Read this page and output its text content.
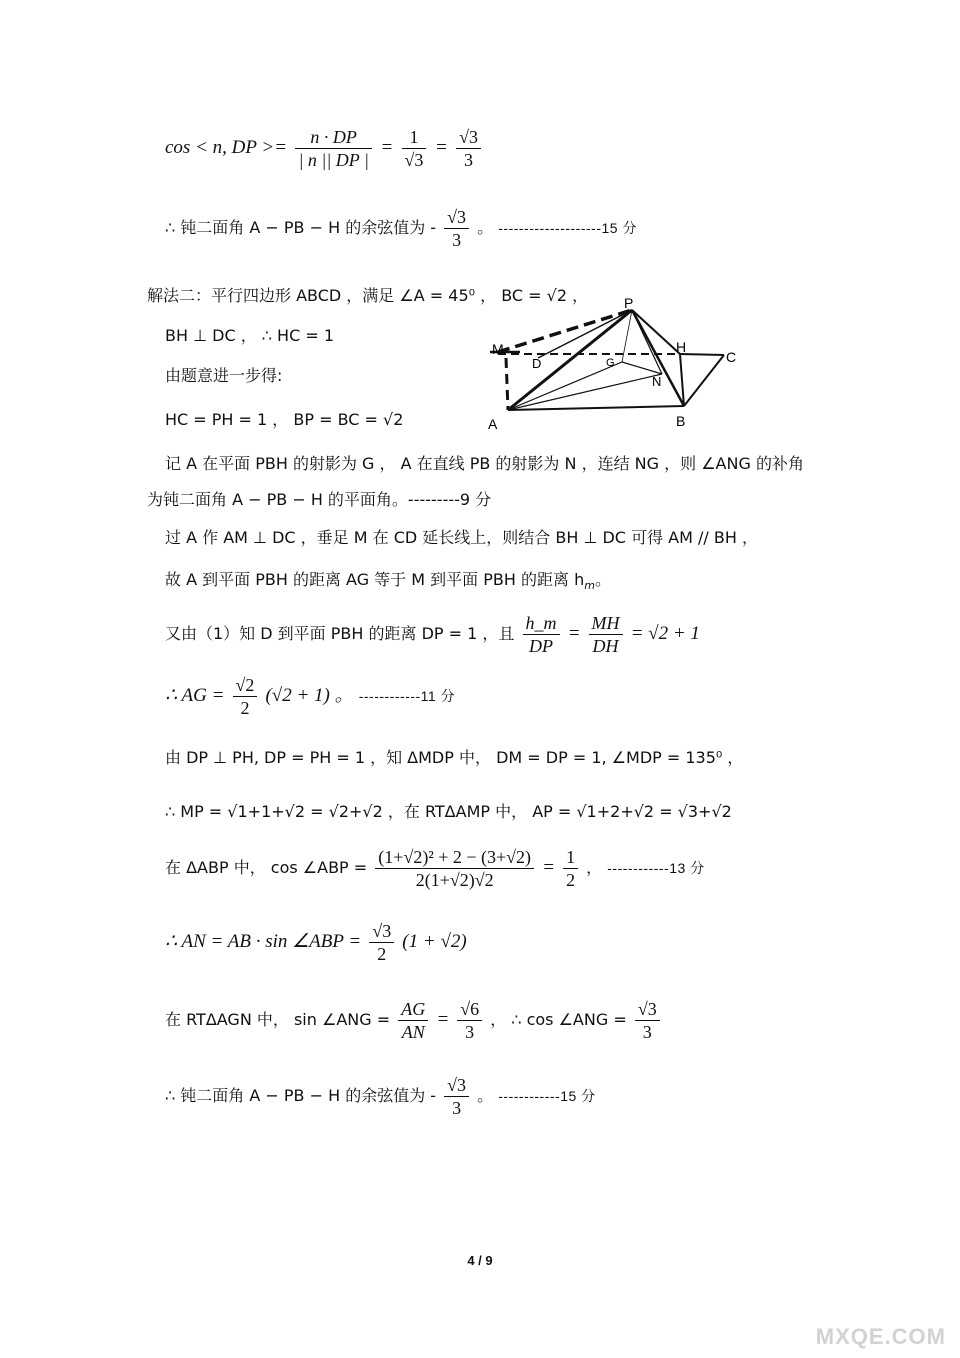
cos < n, DP >= $\frac{n \cdot DP}{| n || DP |} = \frac{1}{√3} = \frac{√3}{3}$
∴ 钝二面角 A − PB − H 的余弦值为 - $\frac{√3}{3}$ 。 --------------------15 分
解法二：平行四边形 ABCD ，满足 ∠A = 45⁰ ， BC = √2 ，
BH ⊥ DC ， ∴ HC = 1
由题意进一步得:
HC = PH = 1 ， BP = BC = √2
P
M
D
H
C
G
N
A	B
记 A 在平面 PBH 的射影为 G ， A 在直线 PB 的射影为 N ，连结 NG ，则 ∠ANG 的补角
为钝二面角 A − PB − H 的平面角。---------9 分
过 A 作 AM ⊥ DC ，垂足 M 在 CD 延长线上，则结合 BH ⊥ DC 可得 AM // BH ，
故 A 到平面 PBH 的距离 AG 等于 M 到平面 PBH 的距离 $h_m$。
又由（1）知 D 到平面 PBH 的距离 DP = 1 ，且 $\frac{h\_m}{DP} = \frac{MH}{DH} = √2 + 1$
∴ AG = $\frac{√2}{2} (√2 + 1)$ 。 ------------11 分
由 DP ⊥ PH, DP = PH = 1 ，知 ΔMDP 中， DM = DP = 1, ∠MDP = 135⁰ ，
∴ MP = √1+1+√2 = √2+√2 ，在 RTΔAMP 中， AP = √1+2+√2 = √3+√2
在 ΔABP 中， cos ∠ABP = $\frac{\text{(1+√2)² + 2 − (3+√2)}}{2(1+√2)√2} = \frac{1}{2}$ ， ------------13 分
∴ AN = AB · sin ∠ABP = $\frac{√3}{2} (1 + √2)$
在 RTΔAGN 中， sin ∠ANG = $\frac{AG}{AN} = \frac{√6}{3}$ ， ∴ cos ∠ANG = $\frac{√3}{3}$
∴ 钝二面角 A − PB − H 的余弦值为 - $\frac{√3}{3}$ 。 ------------15 分
4 / 9
MXQE.COM
